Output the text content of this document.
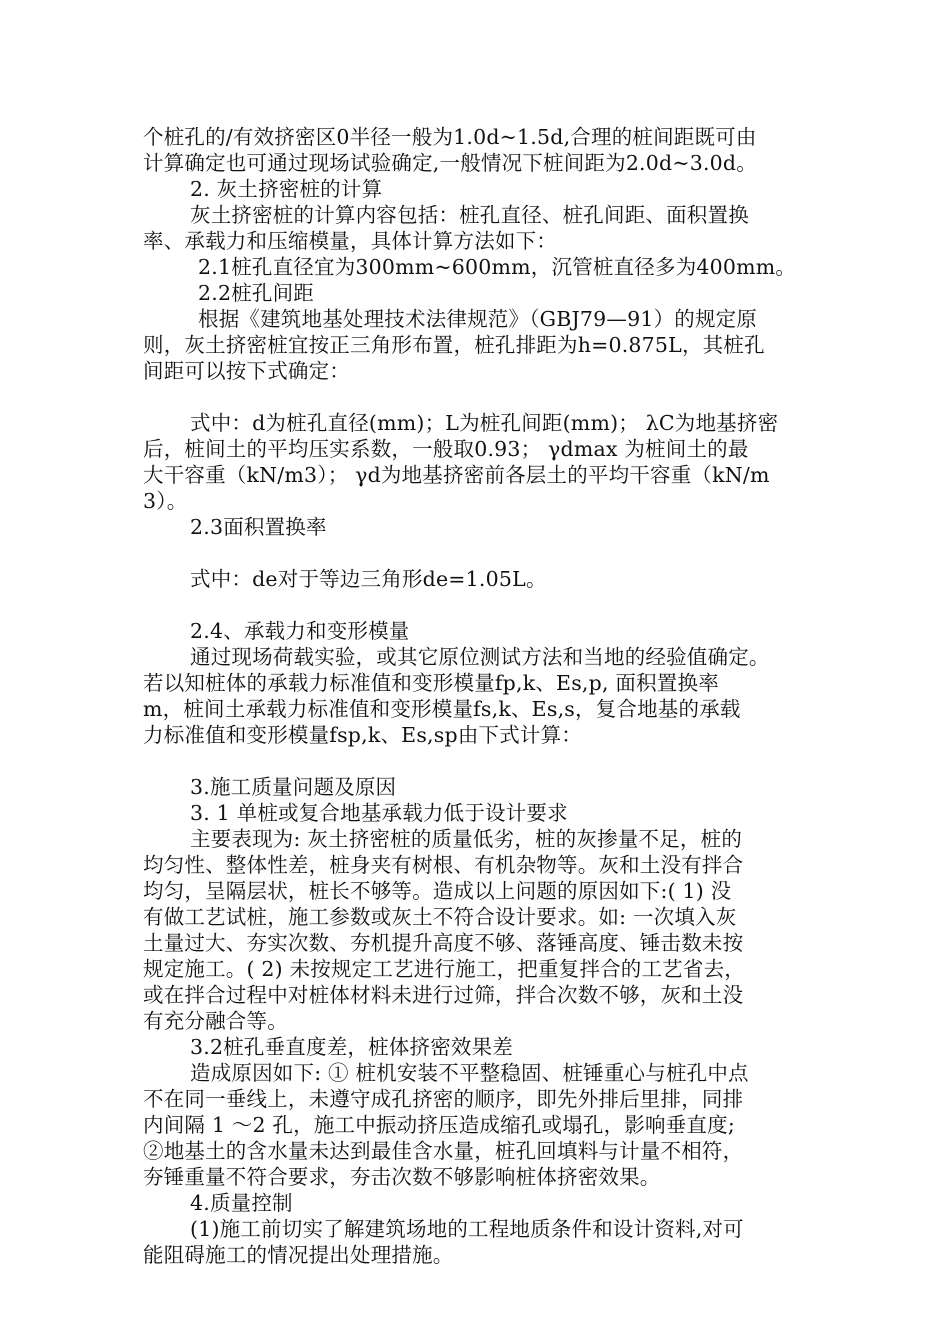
个桩孔的/有效挤密区0半径一般为1.0d~1.5d,合理的桩间距既可由
计算确定也可通过现场试验确定,一般情况下桩间距为2.0d~3.0d。
2. 灰土挤密桩的计算
灰土挤密桩的计算内容包括：桩孔直径、桩孔间距、面积置换
率、承载力和压缩模量，具体计算方法如下：
2.1桩孔直径宜为300mm~600mm，沉管桩直径多为400mm。
2.2桩孔间距
根据《建筑地基处理技术法律规范》（GBJ79—91）的规定原
则，灰土挤密桩宜按正三角形布置，桩孔排距为h=0.875L，其桩孔
间距可以按下式确定：
式中：d为桩孔直径(mm)；L为桩孔间距(mm)； λC为地基挤密
后，桩间土的平均压实系数，一般取0.93； γdmax 为桩间土的最
大干容重（kN/m3）； γd为地基挤密前各层土的平均干容重（kN/m
3）。
2.3面积置换率
式中：de对于等边三角形de=1.05L。
2.4、承载力和变形模量
通过现场荷载实验，或其它原位测试方法和当地的经验值确定。
若以知桩体的承载力标准值和变形模量fp,k、Es,p, 面积置换率
m，桩间土承载力标准值和变形模量fs,k、Es,s，复合地基的承载
力标准值和变形模量fsp,k、Es,sp由下式计算：
3.施工质量问题及原因
3. 1 单桩或复合地基承载力低于设计要求
主要表现为: 灰土挤密桩的质量低劣，桩的灰掺量不足，桩的
均匀性、整体性差，桩身夹有树根、有机杂物等。灰和土没有拌合
均匀，呈隔层状，桩长不够等。造成以上问题的原因如下:( 1) 没
有做工艺试桩，施工参数或灰土不符合设计要求。如: 一次填入灰
土量过大、夯实次数、夯机提升高度不够、落锤高度、锤击数未按
规定施工。( 2) 未按规定工艺进行施工，把重复拌合的工艺省去，
或在拌合过程中对桩体材料未进行过筛，拌合次数不够，灰和土没
有充分融合等。
3.2桩孔垂直度差，桩体挤密效果差
造成原因如下: ① 桩机安装不平整稳固、桩锤重心与桩孔中点
不在同一垂线上，未遵守成孔挤密的顺序，即先外排后里排，同排
内间隔 1 ～2 孔，施工中振动挤压造成缩孔或塌孔，影响垂直度;
②地基土的含水量未达到最佳含水量，桩孔回填料与计量不相符，
夯锤重量不符合要求，夯击次数不够影响桩体挤密效果。
4.质量控制
(1)施工前切实了解建筑场地的工程地质条件和设计资料,对可
能阻碍施工的情况提出处理措施。
